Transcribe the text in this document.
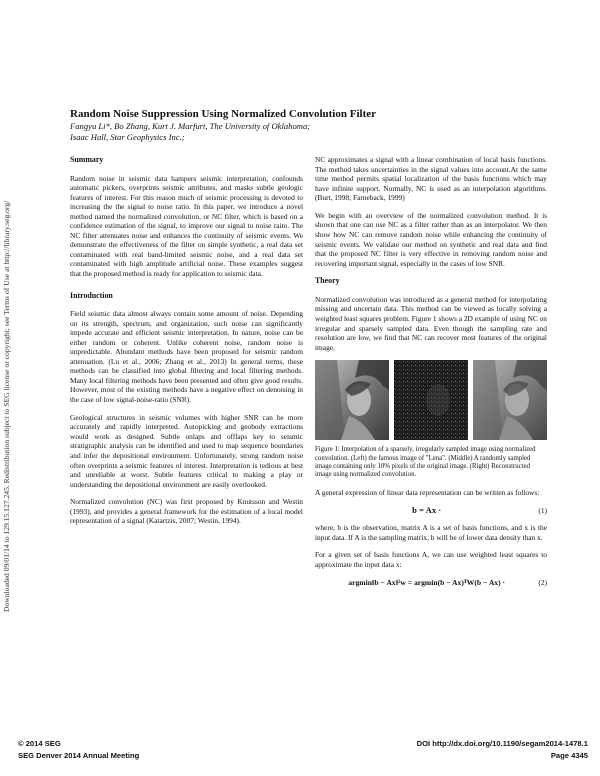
Downloaded 09/01/14 to 129.15.127.245. Redistribution subject to SEG license or copyright; see Terms of Use at http://library.seg.org/
Random Noise Suppression Using Normalized Convolution Filter
Fangyu Li*, Bo Zhang, Kurt J. Marfurt, The University of Oklahoma;
Isaac Hall, Star Geophysics Inc.;
Summary

Random noise in seismic data hampers seismic interpretation, confounds automatic pickers, overprints seismic attributes, and masks subtle geologic features of interest. For this reason much of seismic processing is devoted to increasing the the signal to noise ratio. In this paper, we introduce a novel method named the normalized convolution, or NC filter, which is based on a confidence estimation of the signal, to improve our signal to noise raito. The NC filter attenuates noise and enhances the continuity of seismic events. We demonstrate the effectiveness of the filter on simple synthetic, a real data set contaminated with real band-limited seismic noise, and a real data set contaminated with high amplitude artificial noise. These examples suggest that the proposed method is ready for application to seismic data.

Introduction

Field seismic data almost always contain some amount of noise. Depending on its strength, spectrum, and organization, such noise can significantly impede accurate and efficient seismic interpretation. In nature, noise can be either random or coherent. Unlike coherent noise, random noise is unpredictable. Abundant methods have been proposed for seismic random attenuation. (Lu et al., 2006; Zhang et al., 2013) In general terms, these methods can be classified into global filtering and local filtering methods. Many local filtering methods have been presented and often give good results. However, most of the existing methods have a negative effect on denoising in the case of low signal-noise-ratio (SNR).

Geological structures in seismic volumes with higher SNR can be more accurately and rapidly interpreted. Autopicking and geobody extractions would work as designed. Subtle onlaps and offlaps key to seismic stratigraphic analysis can be identified and used to map sequence boundaries and infer the depositional environment. Unfortunately, strong random noise often overprints a seismic features of interest. Interpretation is tedious at best and unreliable at worst. Subtle features critical to making a play or understanding the depositional environment are easily overlooked.

Normalized convolution (NC) was first proposed by Knutsson and Westin (1993), and provides a general framework for the estimation of a local model representation of a signal (Katartzis, 2007; Westin, 1994).

NC approximates a signal with a linear combination of local basis functions. The method takes uncertainties in the signal values into account.At the same time method permits spatial localization of the basis functions which may have infinite support. Normally, NC is used as an interpolation algorithms. (Burt, 1998; Farneback, 1999)

We begin with an overview of the normalized convolution method. It is shown that one can use NC as a filter rather than as an interpolator. We then show how NC can remove random noise while enhancing the continuity of seismic events. We validate our method on synthetic and real data and find that the proposed NC filter is very effective in removing random noise and recovering important signal, especially in the cases of low SNR.

Theory

Normalized convolution was introduced as a general method for interpolating missing and uncertain data. This method can be viewed as locally solving a weighted least squares problem. Figure 1 shows a 2D example of using NC on irregular and sparsely sampled data. Even though the sampling rate and resolution are low, we find that NC can recover most features of the original image.

Figure 1: Interpolation of a sparsely, irregularly sampled image using normalized convolution. (Left) the famous image of "Lena". (Middle) A randomly sampled image containing only 10% pixels of the original image. (Right) Reconstructed image using normalized convolution.

A general expression of linear data representation can be written as follows:

b = Ax ·	(1)

where, b is the observation, matrix A is a set of basis functions, and x is the input data. If A is the sampling matrix, b will be of lower data density than x.

For a given set of basis functions A, we can use weighted least squares to approximate the input data x:

argmin‖b − Ax‖²w = argmin(b − Ax)ᵀW(b − Ax) ·	(2)
© 2014 SEG
SEG Denver 2014 Annual Meeting
DOI http://dx.doi.org/10.1190/segam2014-1478.1
Page 4345
